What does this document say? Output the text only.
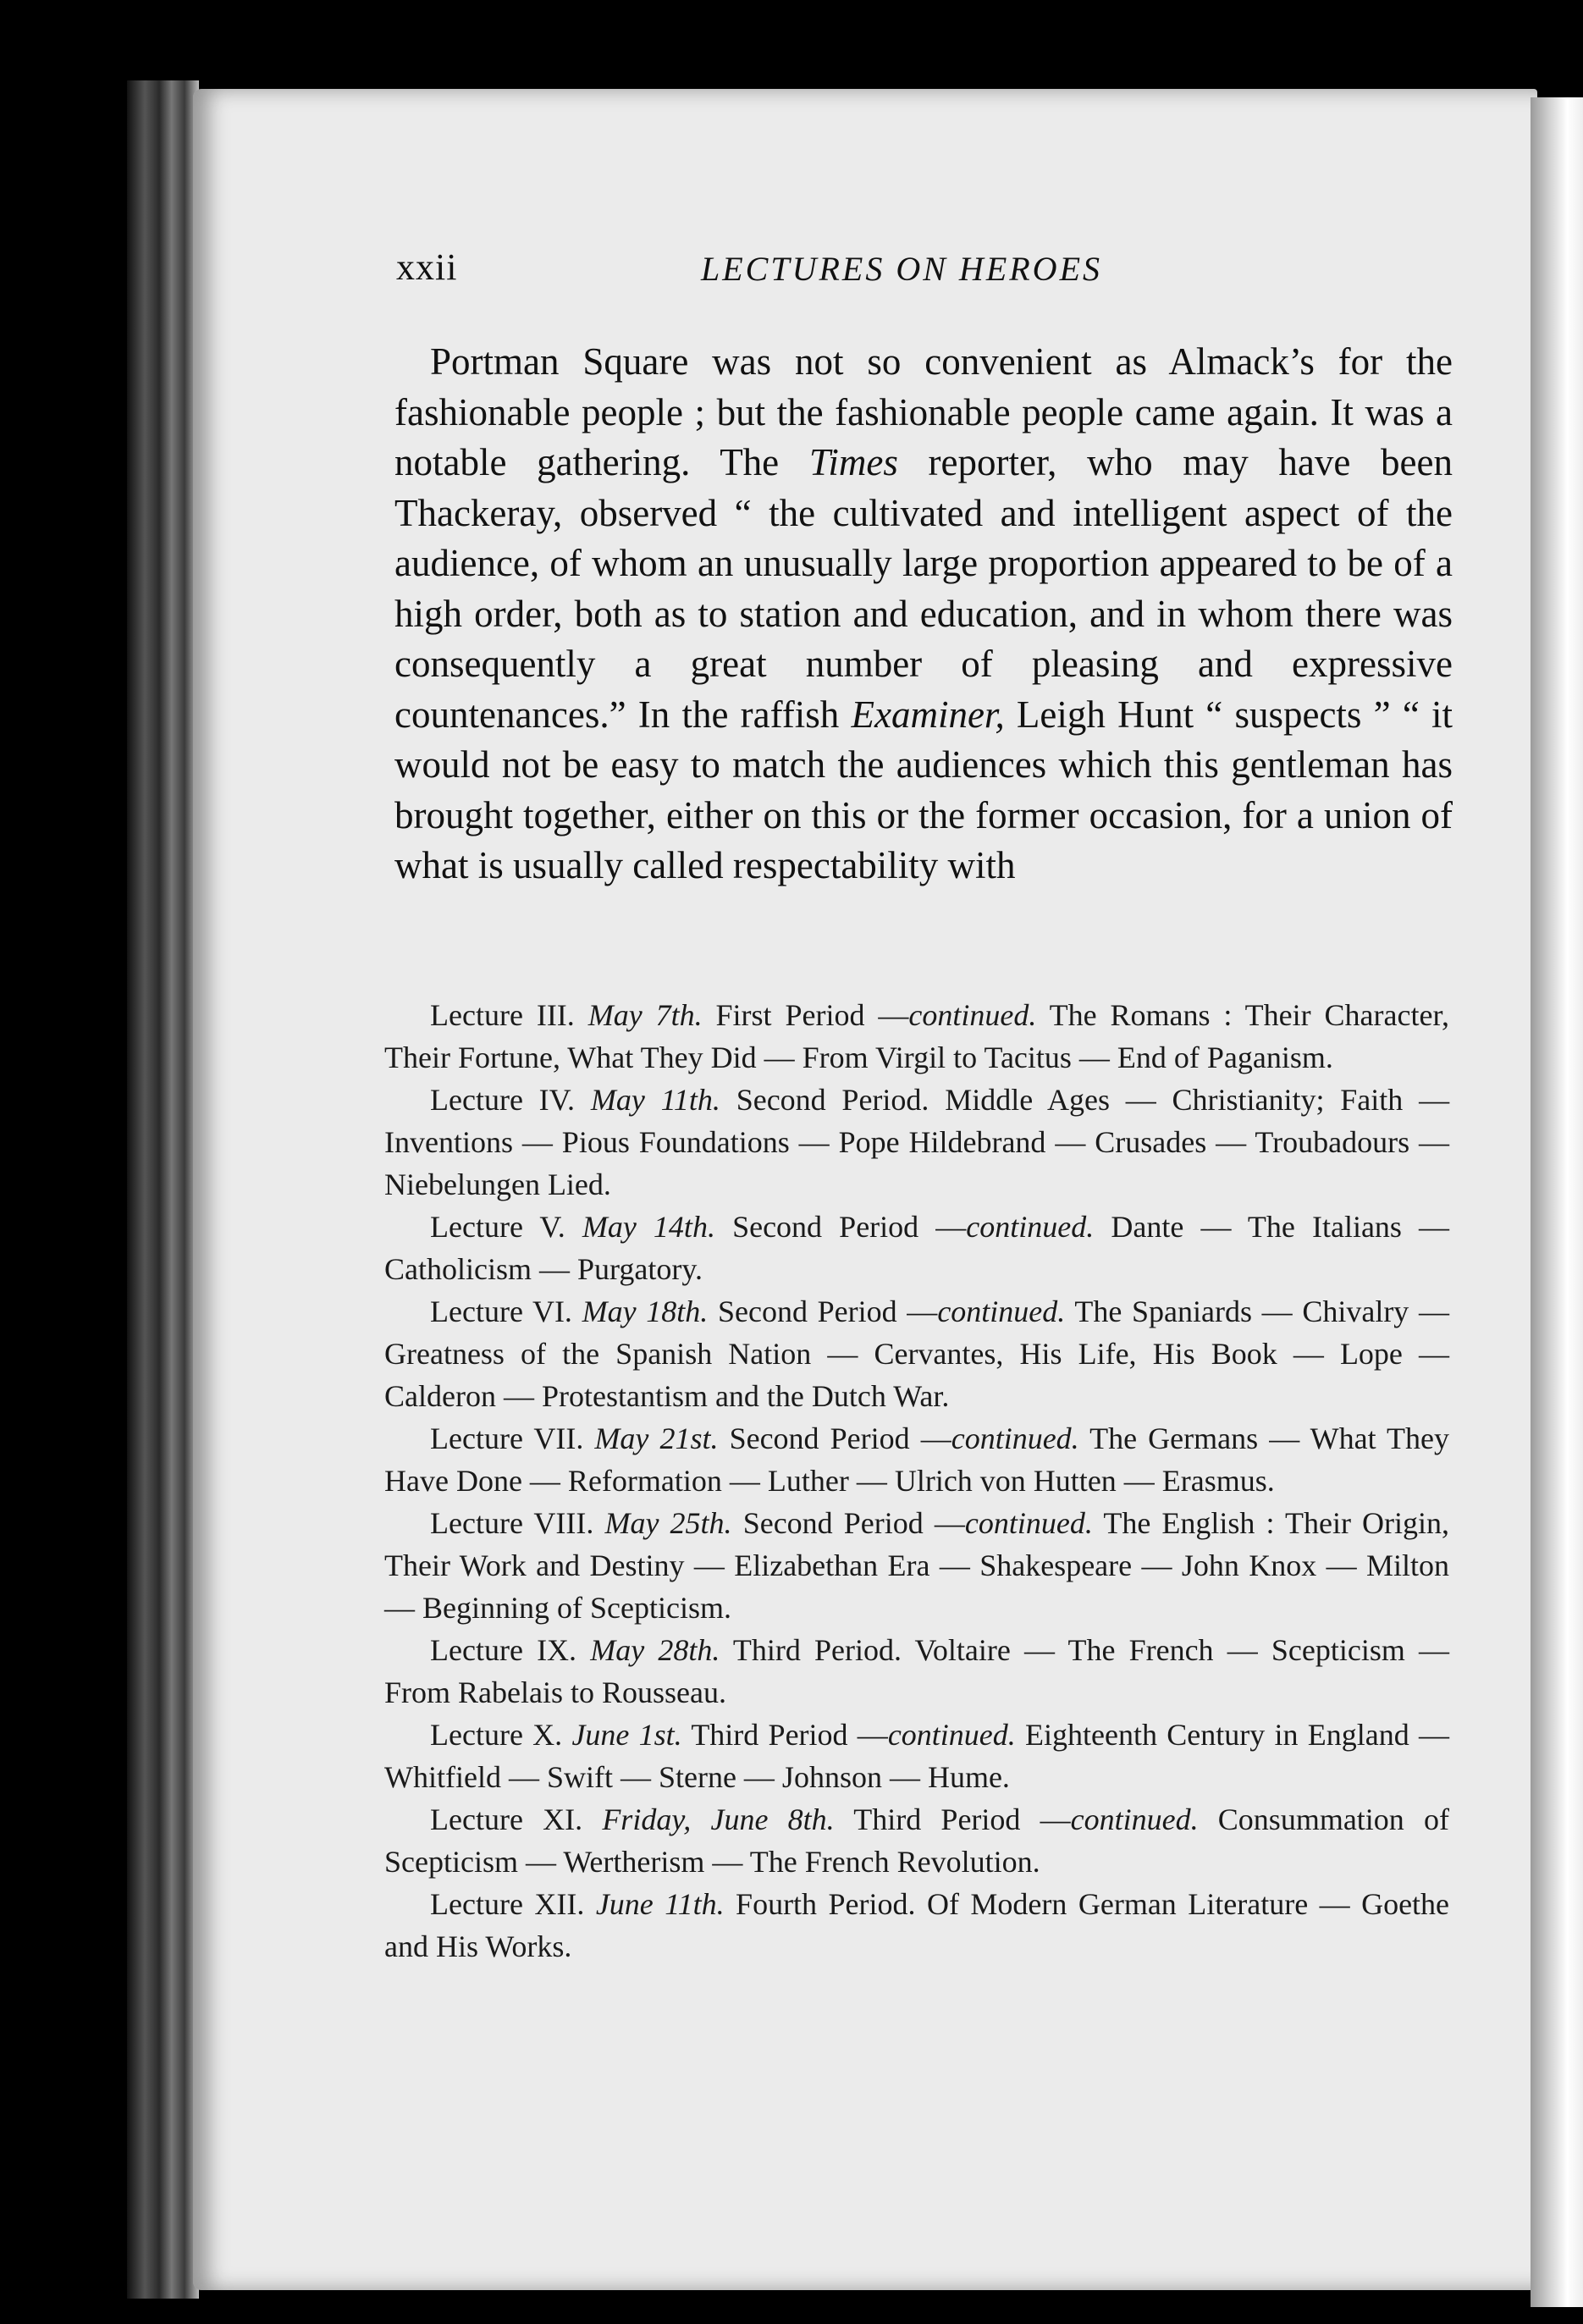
xxii	LECTURES ON HEROES

Portman Square was not so convenient as Almack’s for the fashionable people ; but the fashionable people came again. It was a notable gathering. The Times reporter, who may have been Thackeray, observed “ the cultivated and intelligent aspect of the audience, of whom an unusually large proportion appeared to be of a high order, both as to station and education, and in whom there was consequently a great number of pleasing and expressive countenances.” In the raffish Examiner, Leigh Hunt “ suspects ” “ it would not be easy to match the audiences which this gentleman has brought together, either on this or the former occasion, for a union of what is usually called respectability with

Lecture III. May 7th. First Period —continued. The Romans : Their Character, Their Fortune, What They Did — From Virgil to Tacitus — End of Paganism.

Lecture IV. May 11th. Second Period. Middle Ages — Christianity; Faith — Inventions — Pious Foundations — Pope Hildebrand — Crusades — Troubadours — Niebelungen Lied.

Lecture V. May 14th. Second Period —continued. Dante — The Italians — Catholicism — Purgatory.

Lecture VI. May 18th. Second Period —continued. The Spaniards — Chivalry — Greatness of the Spanish Nation — Cervantes, His Life, His Book — Lope — Calderon — Protestantism and the Dutch War.

Lecture VII. May 21st. Second Period —continued. The Germans — What They Have Done — Reformation — Luther — Ulrich von Hutten — Erasmus.

Lecture VIII. May 25th. Second Period —continued. The English : Their Origin, Their Work and Destiny — Elizabethan Era — Shakespeare — John Knox — Milton — Beginning of Scepticism.

Lecture IX. May 28th. Third Period. Voltaire — The French — Scepticism — From Rabelais to Rousseau.

Lecture X. June 1st. Third Period —continued. Eighteenth Century in England — Whitfield — Swift — Sterne — Johnson — Hume.

Lecture XI. Friday, June 8th. Third Period —continued. Consummation of Scepticism — Wertherism — The French Revolution.

Lecture XII. June 11th. Fourth Period. Of Modern German Literature — Goethe and His Works.
